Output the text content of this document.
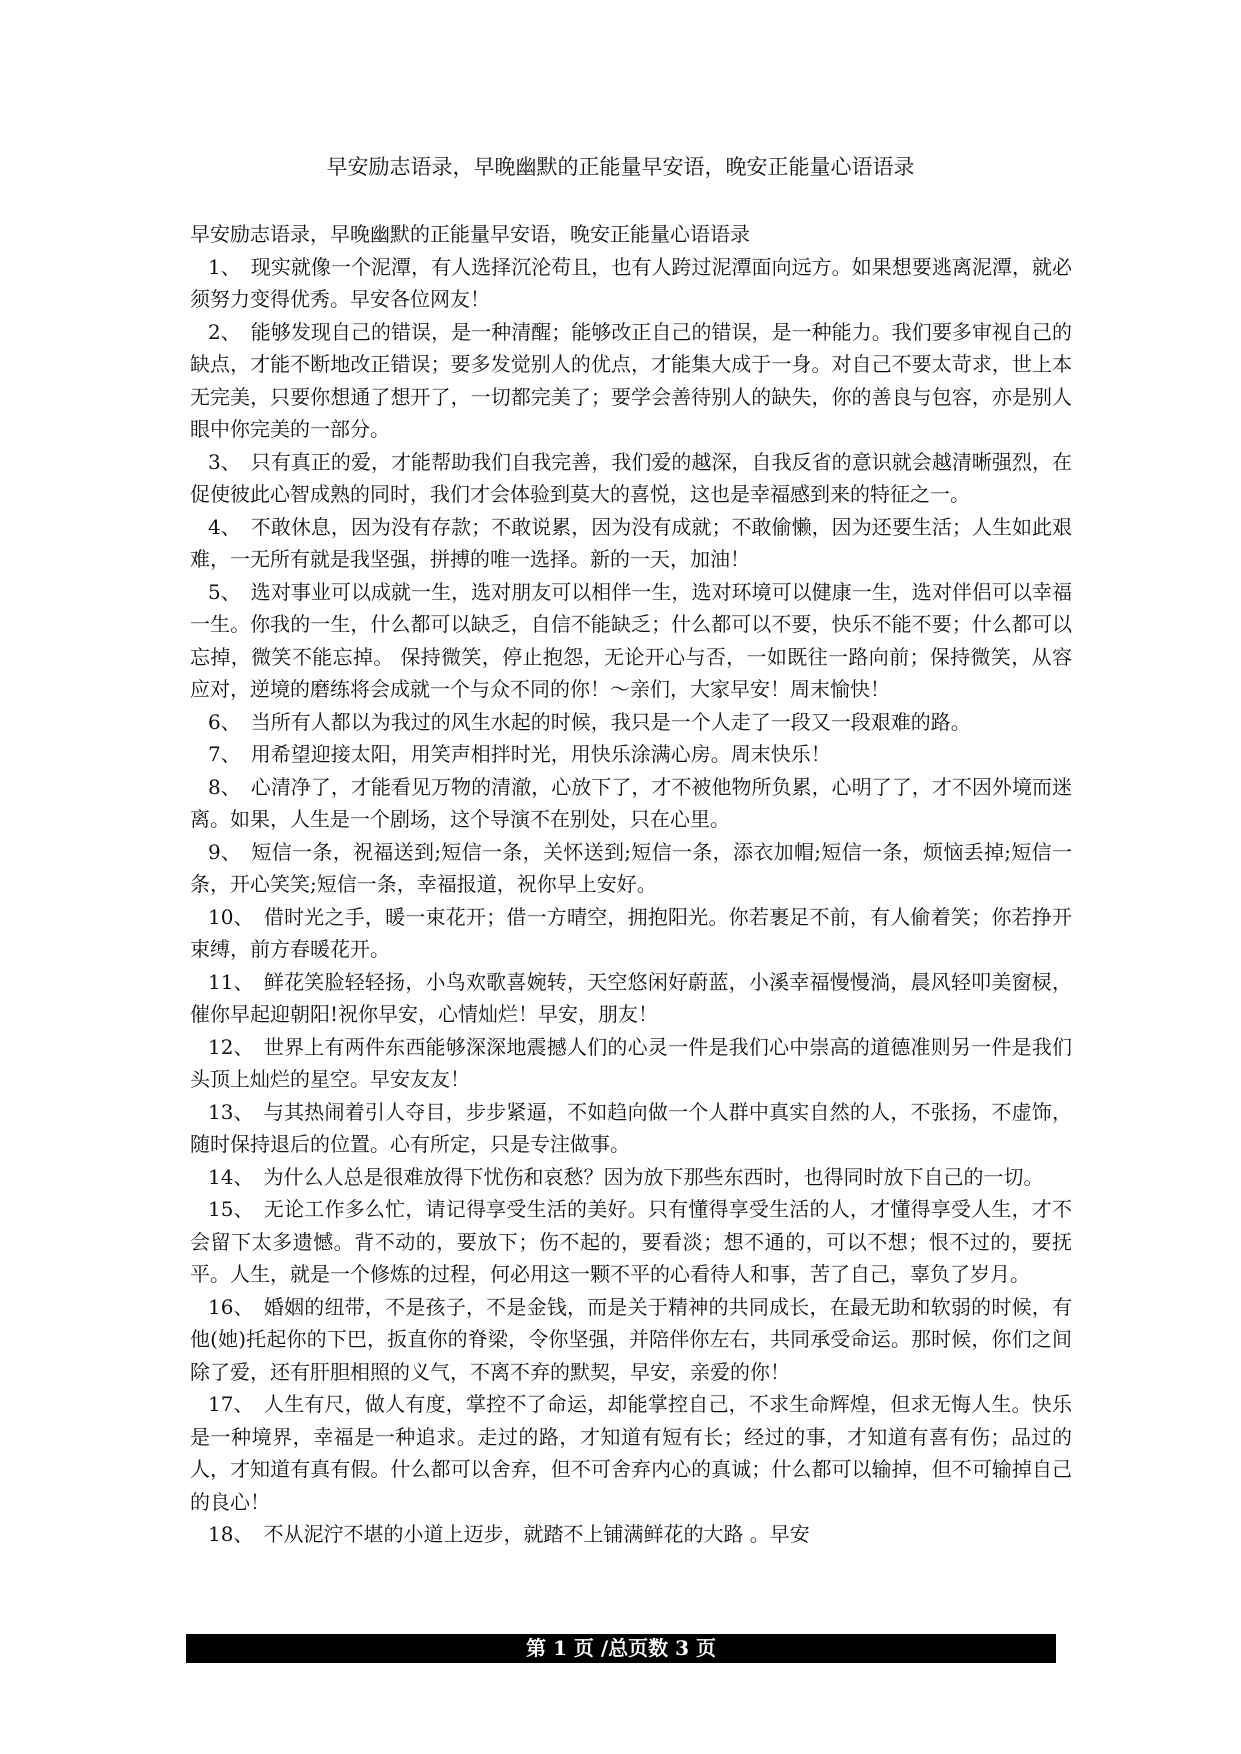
早安励志语录，早晚幽默的正能量早安语，晚安正能量心语语录

早安励志语录，早晚幽默的正能量早安语，晚安正能量心语语录

1、 现实就像一个泥潭，有人选择沉沦苟且，也有人跨过泥潭面向远方。如果想要逃离泥潭，就必须努力变得优秀。早安各位网友！

2、 能够发现自己的错误，是一种清醒；能够改正自己的错误，是一种能力。我们要多审视自己的缺点，才能不断地改正错误；要多发觉别人的优点，才能集大成于一身。对自己不要太苛求，世上本无完美，只要你想通了想开了，一切都完美了；要学会善待别人的缺失，你的善良与包容，亦是别人眼中你完美的一部分。

3、 只有真正的爱，才能帮助我们自我完善，我们爱的越深，自我反省的意识就会越清晰强烈，在促使彼此心智成熟的同时，我们才会体验到莫大的喜悦，这也是幸福感到来的特征之一。

4、 不敢休息，因为没有存款；不敢说累，因为没有成就；不敢偷懒，因为还要生活；人生如此艰难，一无所有就是我坚强，拼搏的唯一选择。新的一天，加油！

5、 选对事业可以成就一生，选对朋友可以相伴一生，选对环境可以健康一生，选对伴侣可以幸福一生。你我的一生，什么都可以缺乏，自信不能缺乏；什么都可以不要，快乐不能不要；什么都可以忘掉，微笑不能忘掉。 保持微笑，停止抱怨，无论开心与否，一如既往一路向前；保持微笑，从容应对，逆境的磨练将会成就一个与众不同的你！～亲们，大家早安！周末愉快！

6、 当所有人都以为我过的风生水起的时候，我只是一个人走了一段又一段艰难的路。

7、 用希望迎接太阳，用笑声相拌时光，用快乐涂满心房。周末快乐！

8、 心清净了，才能看见万物的清澈，心放下了，才不被他物所负累，心明了了，才不因外境而迷离。如果，人生是一个剧场，这个导演不在别处，只在心里。

9、 短信一条，祝福送到;短信一条，关怀送到;短信一条，添衣加帽;短信一条，烦恼丢掉;短信一条，开心笑笑;短信一条，幸福报道，祝你早上安好。

10、 借时光之手，暖一束花开；借一方晴空，拥抱阳光。你若裹足不前，有人偷着笑；你若挣开束缚，前方春暖花开。

11、 鲜花笑脸轻轻扬，小鸟欢歌喜婉转，天空悠闲好蔚蓝，小溪幸福慢慢淌，晨风轻叩美窗棂，催你早起迎朝阳!祝你早安，心情灿烂！早安，朋友！

12、 世界上有两件东西能够深深地震撼人们的心灵一件是我们心中崇高的道德准则另一件是我们头顶上灿烂的星空。早安友友！

13、 与其热闹着引人夺目，步步紧逼，不如趋向做一个人群中真实自然的人，不张扬，不虚饰，随时保持退后的位置。心有所定，只是专注做事。

14、 为什么人总是很难放得下忧伤和哀愁？因为放下那些东西时，也得同时放下自己的一切。

15、 无论工作多么忙，请记得享受生活的美好。只有懂得享受生活的人，才懂得享受人生，才不会留下太多遗憾。背不动的，要放下；伤不起的，要看淡；想不通的，可以不想；恨不过的，要抚平。人生，就是一个修炼的过程，何必用这一颗不平的心看待人和事，苦了自己，辜负了岁月。

16、 婚姻的纽带，不是孩子，不是金钱，而是关于精神的共同成长，在最无助和软弱的时候，有他(她)托起你的下巴，扳直你的脊梁，令你坚强，并陪伴你左右，共同承受命运。那时候，你们之间除了爱，还有肝胆相照的义气，不离不弃的默契，早安，亲爱的你！

17、 人生有尺，做人有度，掌控不了命运，却能掌控自己，不求生命辉煌，但求无悔人生。快乐是一种境界，幸福是一种追求。走过的路，才知道有短有长；经过的事，才知道有喜有伤；品过的人，才知道有真有假。什么都可以舍弃，但不可舍弃内心的真诚；什么都可以输掉，但不可输掉自己的良心！

18、 不从泥泞不堪的小道上迈步，就踏不上铺满鲜花的大路 。早安

第 1 页 /总页数 3 页
